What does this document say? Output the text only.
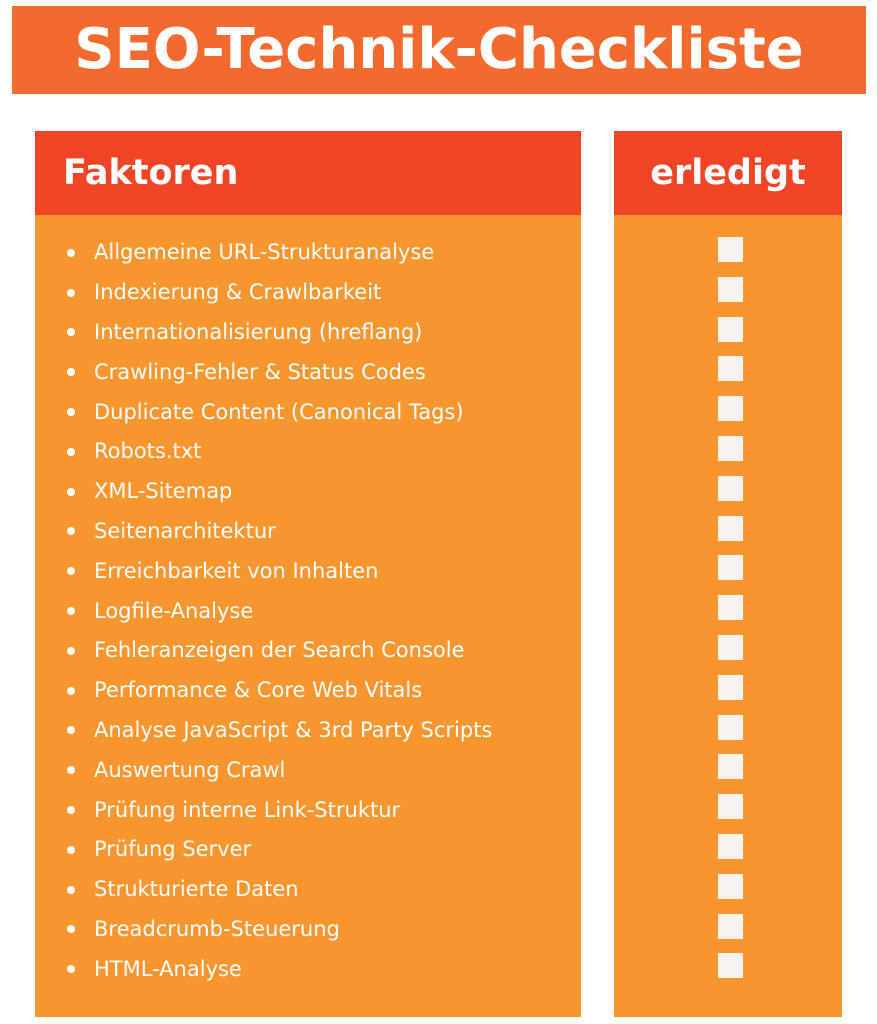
SEO-Technik-Checkliste
Faktoren
Allgemeine URL-Strukturanalyse
Indexierung & Crawlbarkeit
Internationalisierung (hreflang)
Crawling-Fehler & Status Codes
Duplicate Content (Canonical Tags)
Robots.txt
XML-Sitemap
Seitenarchitektur
Erreichbarkeit von Inhalten
Logfile-Analyse
Fehleranzeigen der Search Console
Performance & Core Web Vitals
Analyse JavaScript & 3rd Party Scripts
Auswertung Crawl
Prüfung interne Link-Struktur
Prüfung Server
Strukturierte Daten
Breadcrumb-Steuerung
HTML-Analyse
erledigt
